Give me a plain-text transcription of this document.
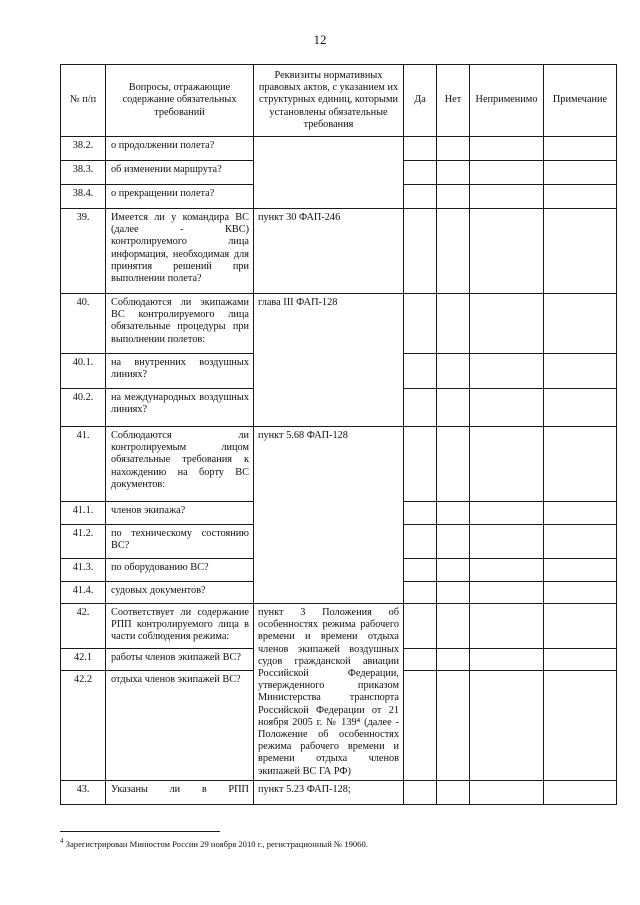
12
№ п/п	Вопросы, отражающие содержание обязательных требований	Реквизиты нормативных правовых актов, с указанием их структурных единиц, которыми установлены обязательные требования	Да	Нет	Неприменимо	Примечание
38.2.	о продолжении полета?					
38.3.	об изменении маршрута?					
38.4.	о прекращении полета?					
39.	Имеется ли у командира ВС (далее - КВС) контролируемого лица информация, необходимая для принятия решений при выполнении полета?	пункт 30 ФАП-246				
40.	Соблюдаются ли экипажами ВС контролируемого лица обязательные процедуры при выполнении полетов:	глава III ФАП-128				
40.1.	на внутренних воздушных линиях?					
40.2.	на международных воздушных линиях?					
41.	Соблюдаются ли контролируемым лицом обязательные требования к нахождению на борту ВС документов:	пункт 5.68 ФАП-128				
41.1.	членов экипажа?					
41.2.	по техническому состоянию ВС?					
41.3.	по оборудованию ВС?					
41.4.	судовых документов?					
42.	Соответствует ли содержание РПП контролируемого лица в части соблюдения режима:	пункт 3 Положения об особенностях режима рабочего времени и времени отдыха членов экипажей воздушных судов гражданской авиации Российской Федерации, утвержденного приказом Министерства транспорта Российской Федерации от 21 ноября 2005 г. № 139⁴ (далее - Положение об особенностях режима рабочего времени и времени отдыха членов экипажей ВС ГА РФ)				
42.1	работы членов экипажей ВС?					
42.2	отдыха членов экипажей ВС?					
43.	Указаны ли в РПП	пункт 5.23 ФАП-128;				
$^4$ Зарегистрирован Минюстом России 29 ноября 2010 г., регистрационный № 19060.
